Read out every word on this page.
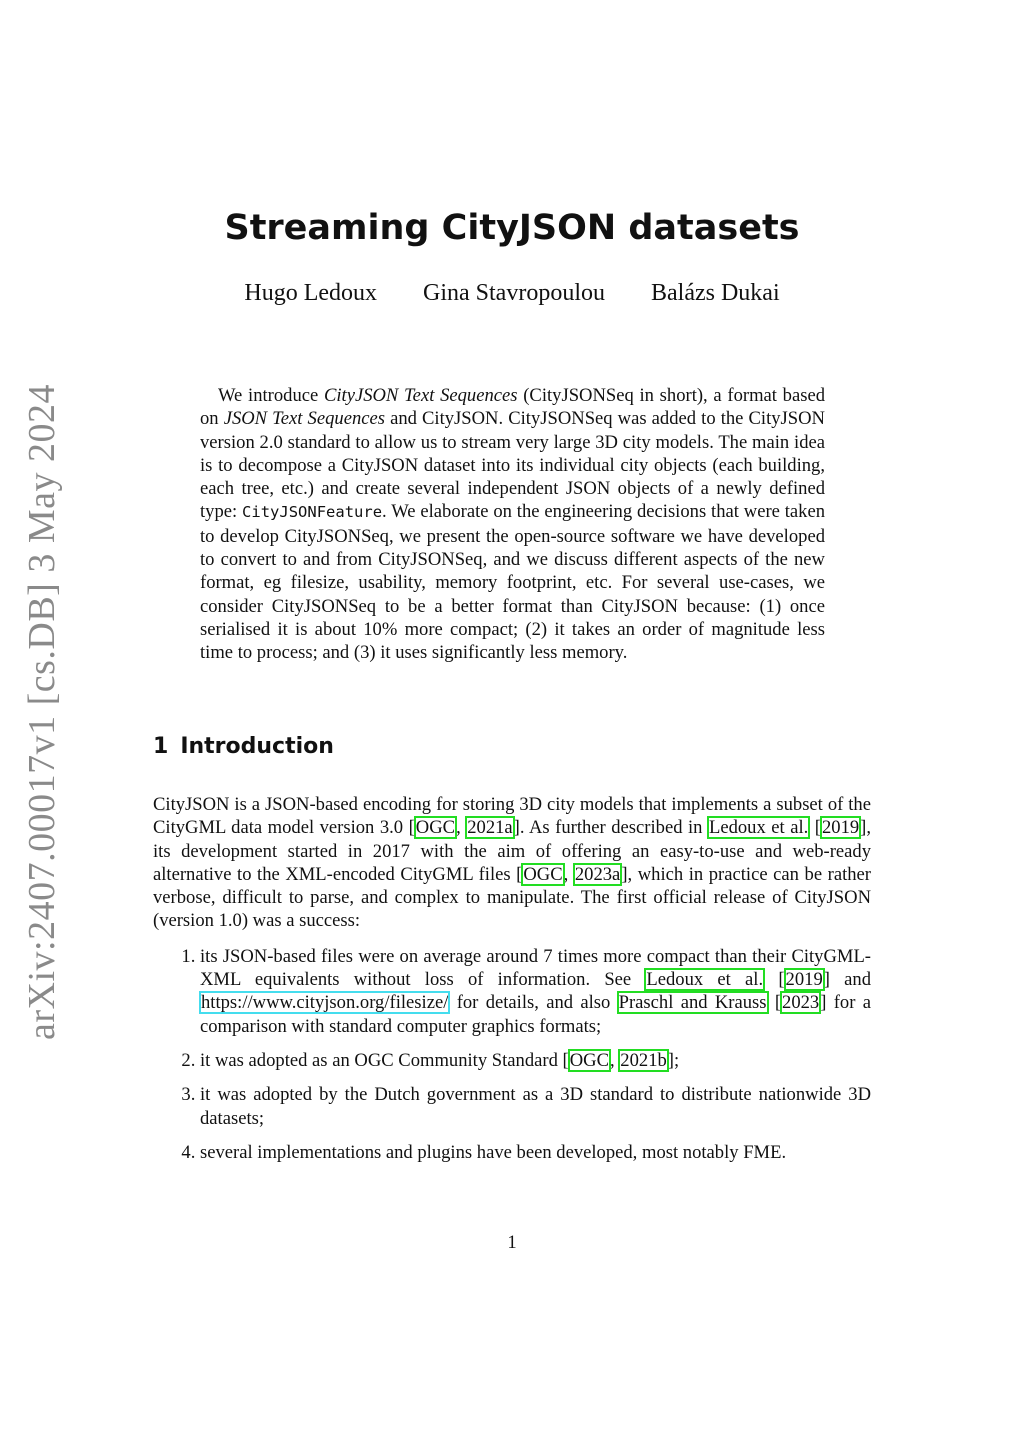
arXiv:2407.00017v1 [cs.DB] 3 May 2024
Streaming CityJSON datasets
Hugo Ledoux Gina Stavropoulou Balázs Dukai

We introduce CityJSON Text Sequences (CityJSONSeq in short), a format based on JSON Text Sequences and CityJSON. CityJSONSeq was added to the CityJSON version 2.0 standard to allow us to stream very large 3D city models. The main idea is to decompose a CityJSON dataset into its individual city objects (each building, each tree, etc.) and create several independent JSON objects of a newly defined type: CityJSONFeature. We elaborate on the engineering decisions that were taken to develop CityJSONSeq, we present the open-source software we have developed to convert to and from CityJSONSeq, and we discuss different aspects of the new format, eg filesize, usability, memory footprint, etc. For several use-cases, we consider CityJSONSeq to be a better format than CityJSON because: (1) once serialised it is about 10% more compact; (2) it takes an order of magnitude less time to process; and (3) it uses significantly less memory.

1 Introduction

CityJSON is a JSON-based encoding for storing 3D city models that implements a subset of the CityGML data model version 3.0 [OGC, 2021a]. As further described in Ledoux et al. [2019], its development started in 2017 with the aim of offering an easy-to-use and web-ready alternative to the XML-encoded CityGML files [OGC, 2023a], which in practice can be rather verbose, difficult to parse, and complex to manipulate. The first official release of CityJSON (version 1.0) was a success:

1. its JSON-based files were on average around 7 times more compact than their CityGML-XML equivalents without loss of information. See Ledoux et al. [2019] and https://www.cityjson.org/filesize/ for details, and also Praschl and Krauss [2023] for a comparison with standard computer graphics formats;
2. it was adopted as an OGC Community Standard [OGC, 2021b];
3. it was adopted by the Dutch government as a 3D standard to distribute nationwide 3D datasets;
4. several implementations and plugins have been developed, most notably FME.
1
